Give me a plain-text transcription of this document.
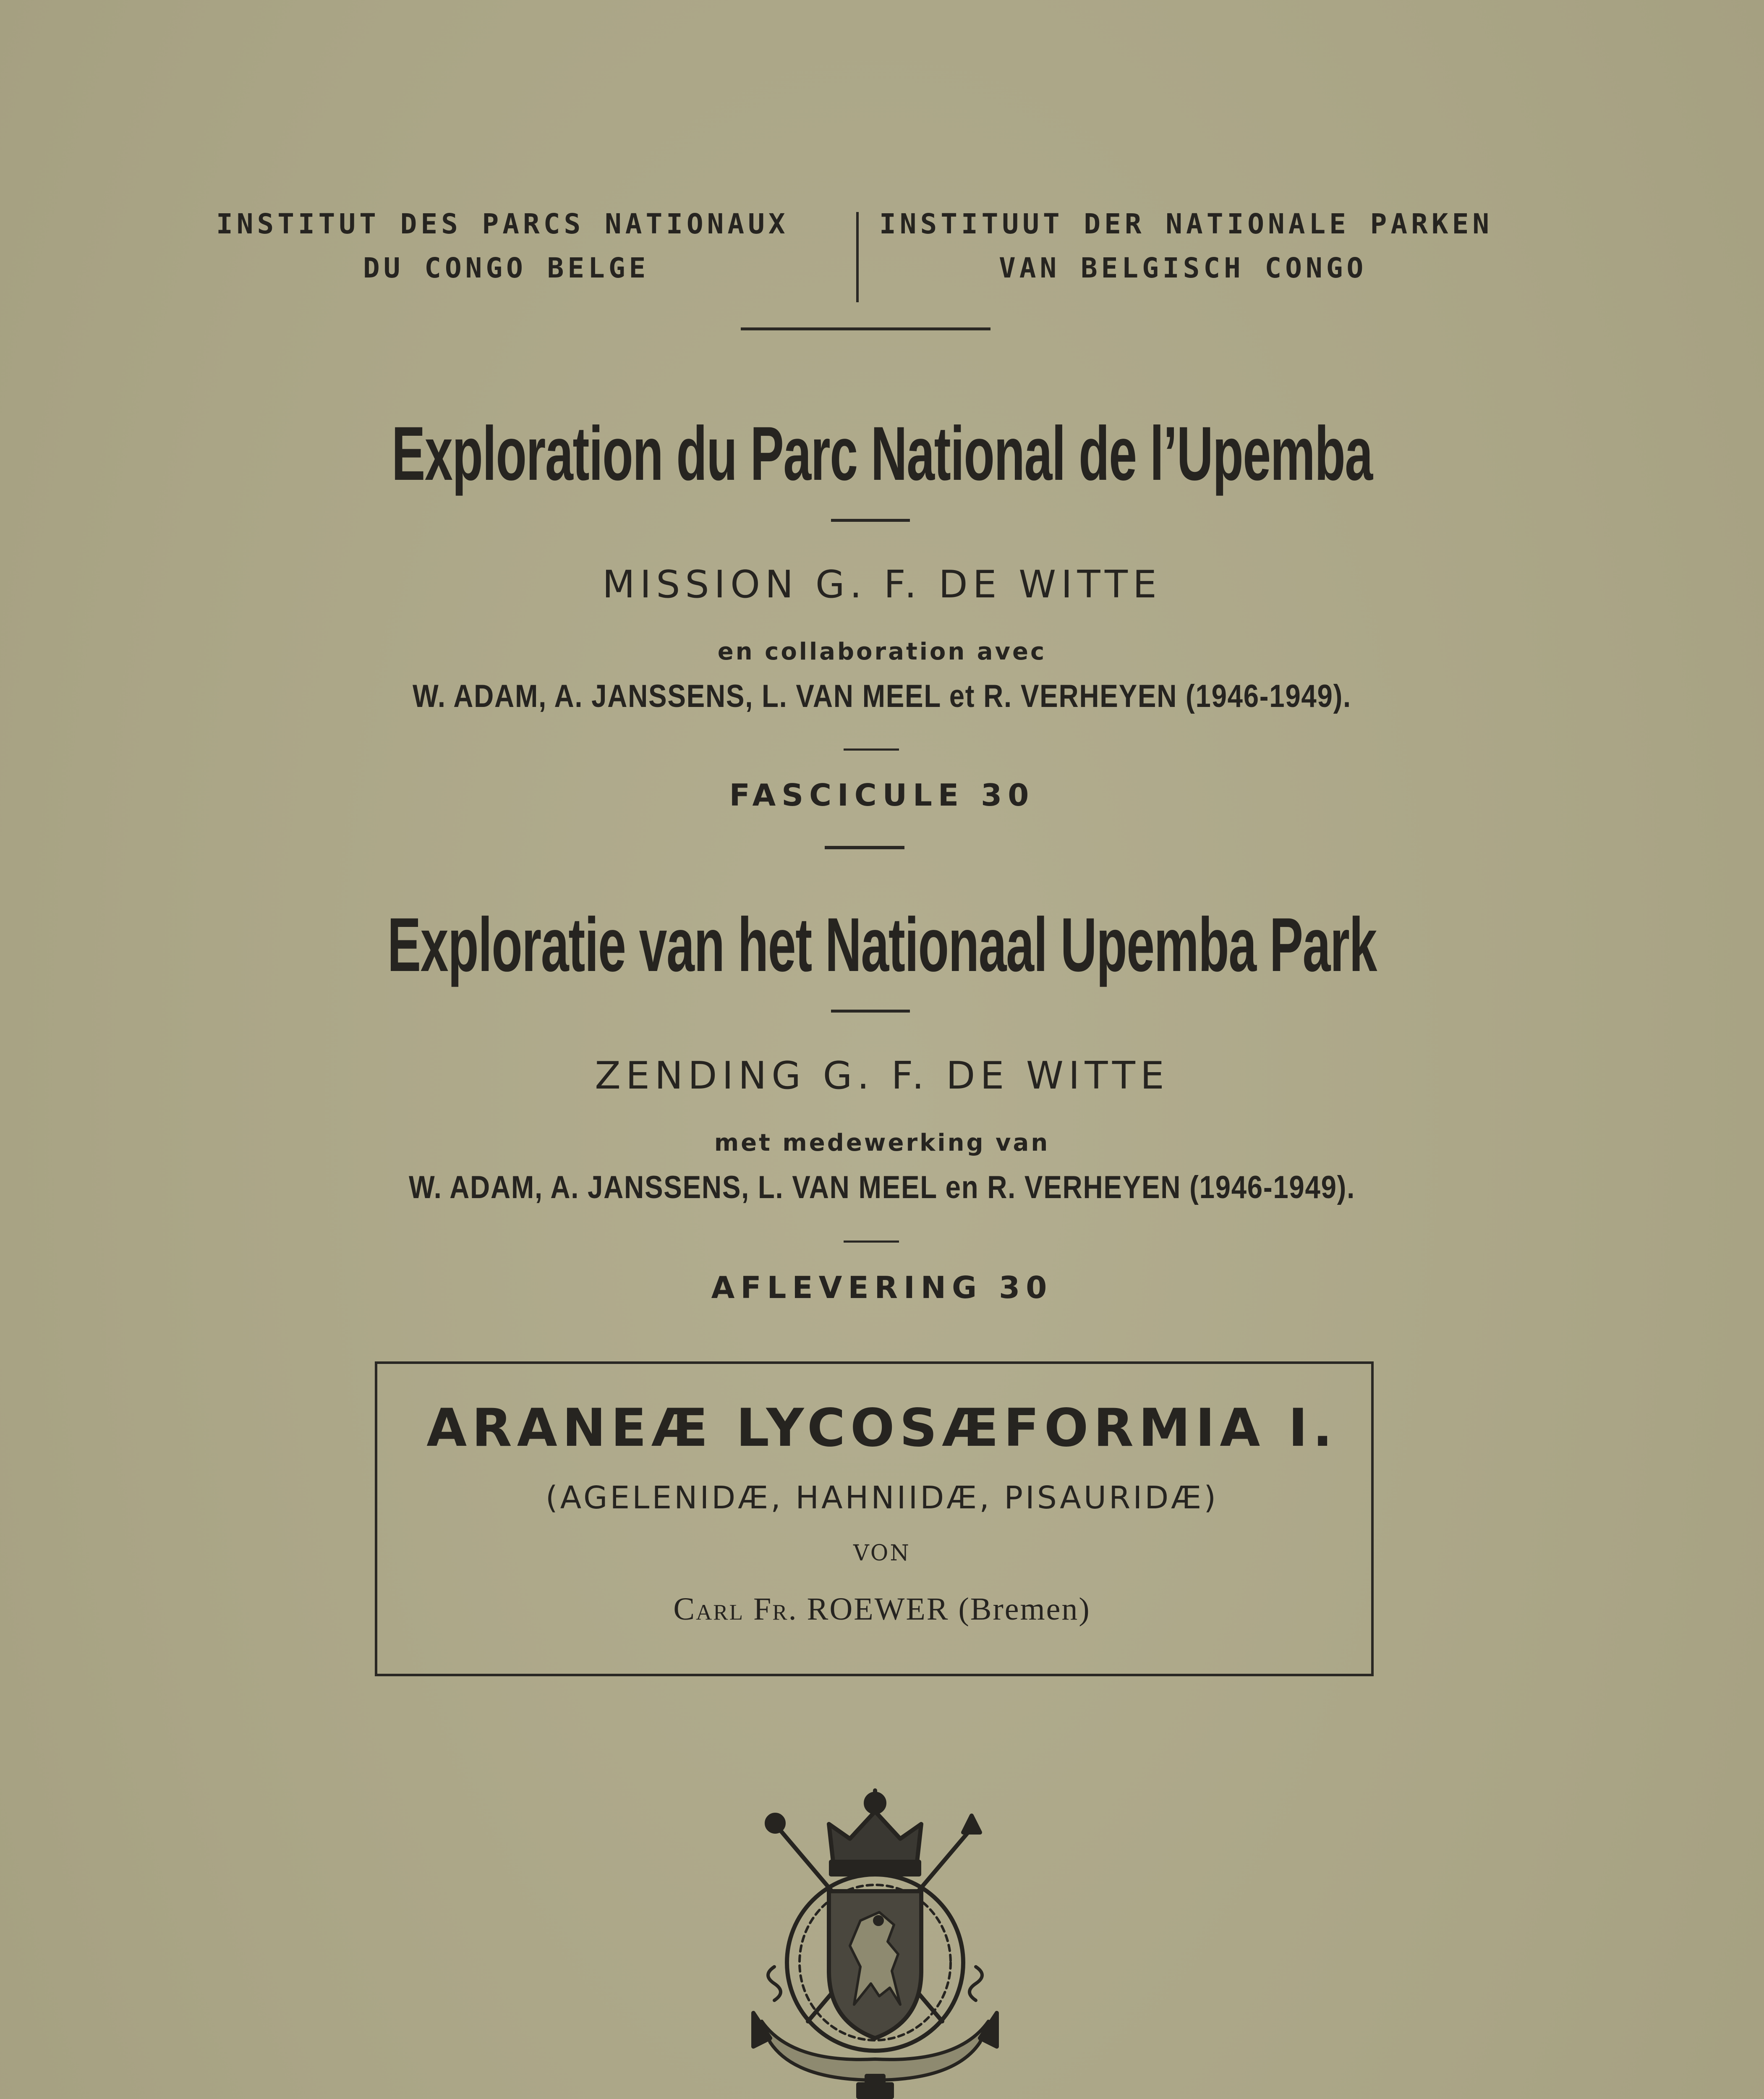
INSTITUT DES PARCS NATIONAUX
DU CONGO BELGE
INSTITUUT DER NATIONALE PARKEN
VAN BELGISCH CONGO
Exploration du Parc National de l’Upemba
MISSION G. F. DE WITTE
en collaboration avec
W. ADAM, A. JANSSENS, L. VAN MEEL et R. VERHEYEN (1946-1949).
FASCICULE 30
Exploratie van het Nationaal Upemba Park
ZENDING G. F. DE WITTE
met medewerking van
W. ADAM, A. JANSSENS, L. VAN MEEL en R. VERHEYEN (1946-1949).
AFLEVERING 30
ARANEÆ LYCOSÆFORMIA I.
(AGELENIDÆ, HAHNIIDÆ, PISAURIDÆ)
VON
Carl Fr. ROEWER (Bremen)
